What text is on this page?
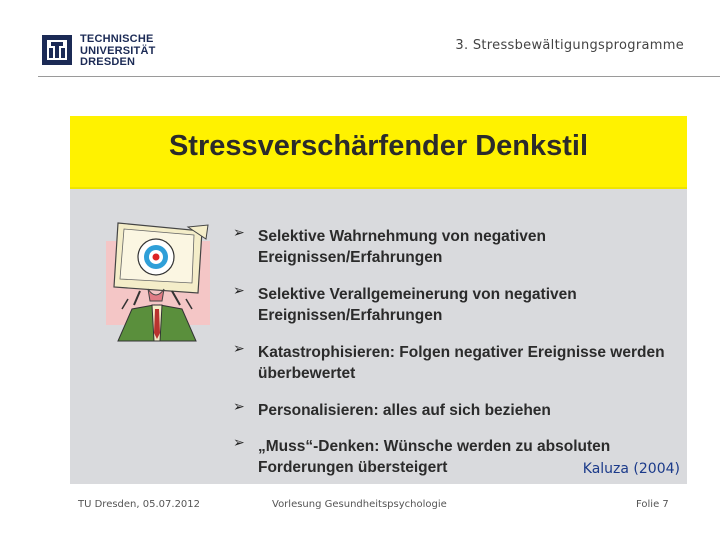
TECHNISCHE
UNIVERSITÄT
DRESDEN
3. Stressbewältigungsprogramme
Stressverschärfender Denkstil
➢ Selektive Wahrnehmung von negativen Ereignissen/Erfahrungen
➢ Selektive Verallgemeinerung von negativen Ereignissen/Erfahrungen
➢ Katastrophisieren: Folgen negativer Ereignisse werden überbewertet
➢ Personalisieren: alles auf sich beziehen
➢ „Muss“-Denken: Wünsche werden zu absoluten Forderungen übersteigert	Kaluza (2004)
TU Dresden, 05.07.2012	Vorlesung Gesundheitspsychologie	Folie 7
